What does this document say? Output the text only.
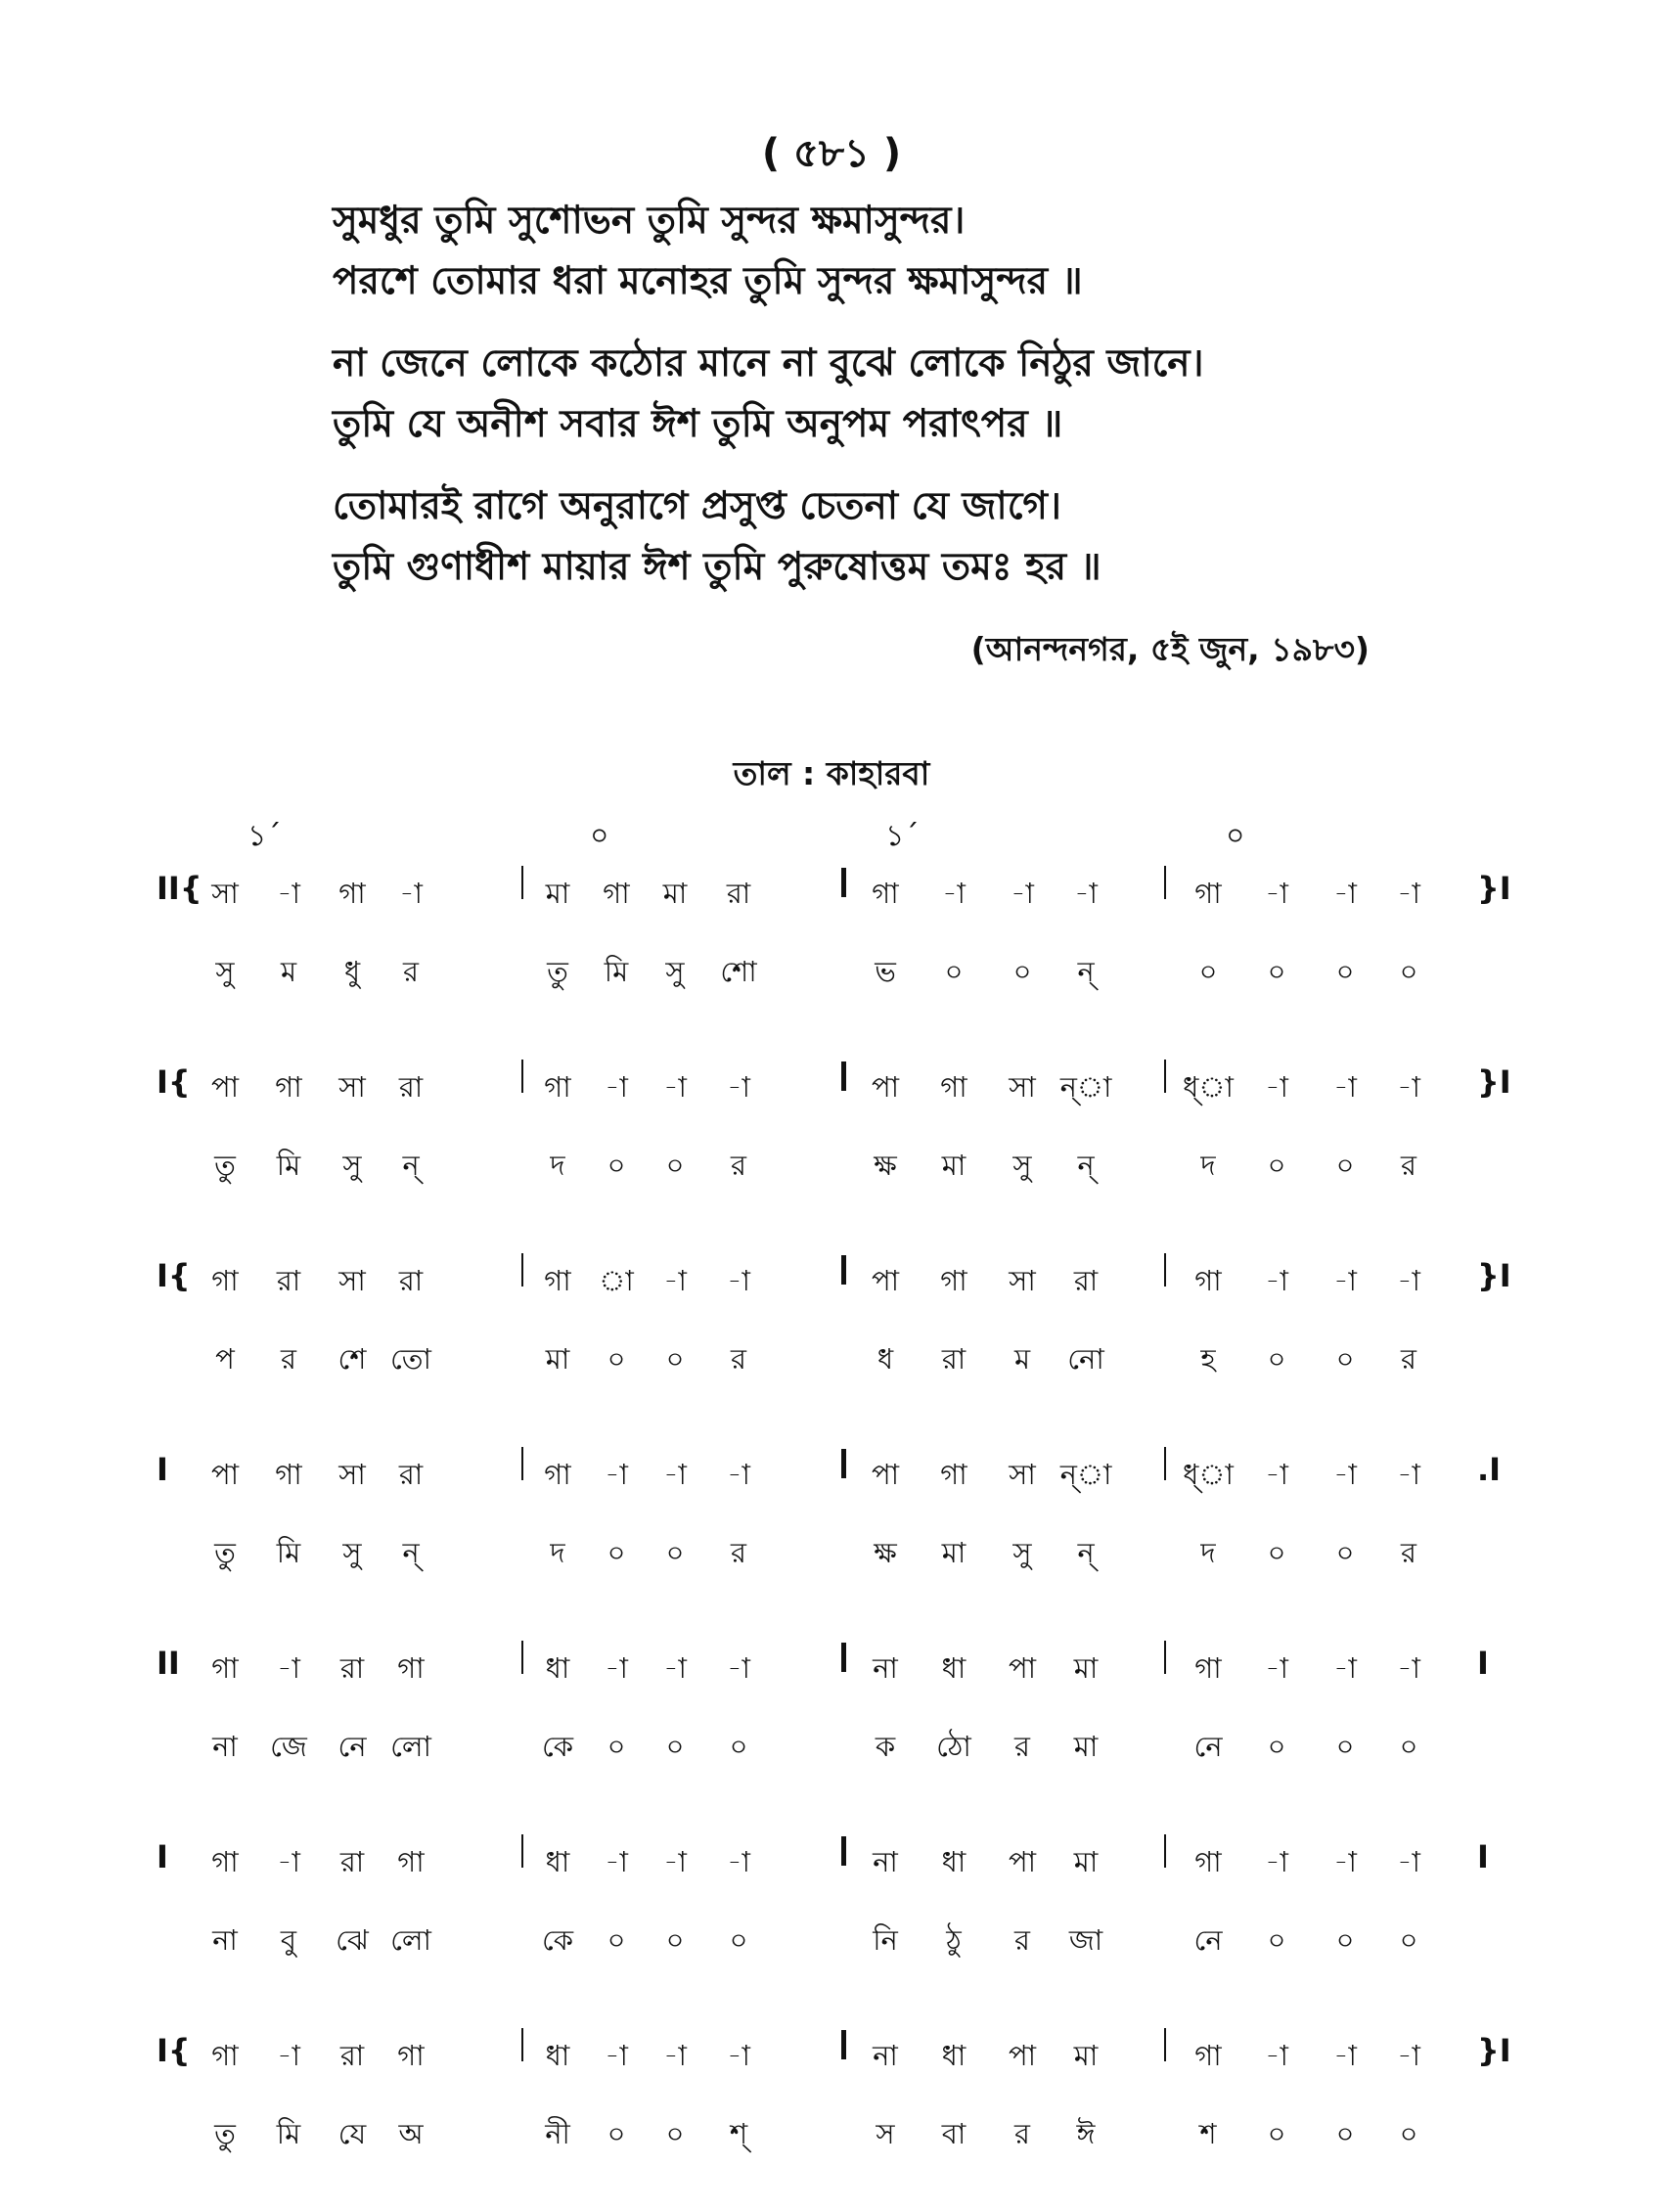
( ৫৮১ )
সুমধুর তুমি সুশোভন তুমি সুন্দর ক্ষমাসুন্দর।
পরশে তোমার ধরা মনোহর তুমি সুন্দর ক্ষমাসুন্দর ॥
না জেনে লোকে কঠোর মানে না বুঝে লোকে নিঠুর জানে।
তুমি যে অনীশ সবার ঈশ তুমি অনুপম পরাৎপর ॥
তোমারই রাগে অনুরাগে প্রসুপ্ত চেতনা যে জাগে।
তুমি গুণাধীশ মায়ার ঈশ তুমি পুরুষোত্তম তমঃ হর ॥
(আনন্দনগর, ৫ই জুন, ১৯৮৩)
তাল : কাহারবা
১´	০	১´	০
II{ সা	-া	গা	-া	মা	গা	মা	রা	গা	-া	-া	-া	গা	-া	-া	-া	}I
সু	ম	ধু	র	তু	মি	সু	শো	ভ	০	০	ন্	০	০	০	০
I{ পা	গা	সা	রা	গা	-া	-া	-া	পা	গা	সা ন্া	ধ্া	-া	-া	-া	}I
তু	মি	সু	ন্	দ	০	০	র	ক্ষ	মা	সু	ন্	দ	০	০	র
I{ গা	রা	সা	রা	গা া	-া	-া	পা	গা	সা	রা	গা	-া	-া	-া	}I
প	র	শে তো	মা	০	০	র	ধ	রা	ম	নো	হ	০	০	র
I	পা	গা	সা	রা	গা	-া	-া	-া	পা	গা	সা ন্া	ধ্া	-া	-া	-া	.I
তু	মি	সু	ন্	দ	০	০	র	ক্ষ	মা	সু	ন্	দ	০	০	র
II	গা	-া	রা	গা	ধা	-া	-া	-া	না	ধা	পা	মা	গা	-া	-া	-া	I
না	জে	নে লো	কে	০	০	০	ক	ঠো	র	মা	নে	০	০	০
I	গা	-া	রা	গা	ধা	-া	-া	-া	না	ধা	পা	মা	গা	-া	-া	-া	I
না	বু	ঝে লো	কে	০	০	০	নি	ঠু	র	জা	নে	০	০	০
I{ গা	-া	রা	গা	ধা	-া	-া	-া	না	ধা	পা	মা	গা	-া	-া	-া	}I
তু	মি	যে	অ	নী	০	০	শ্	স	বা	র	ঈ	শ	০	০	০
